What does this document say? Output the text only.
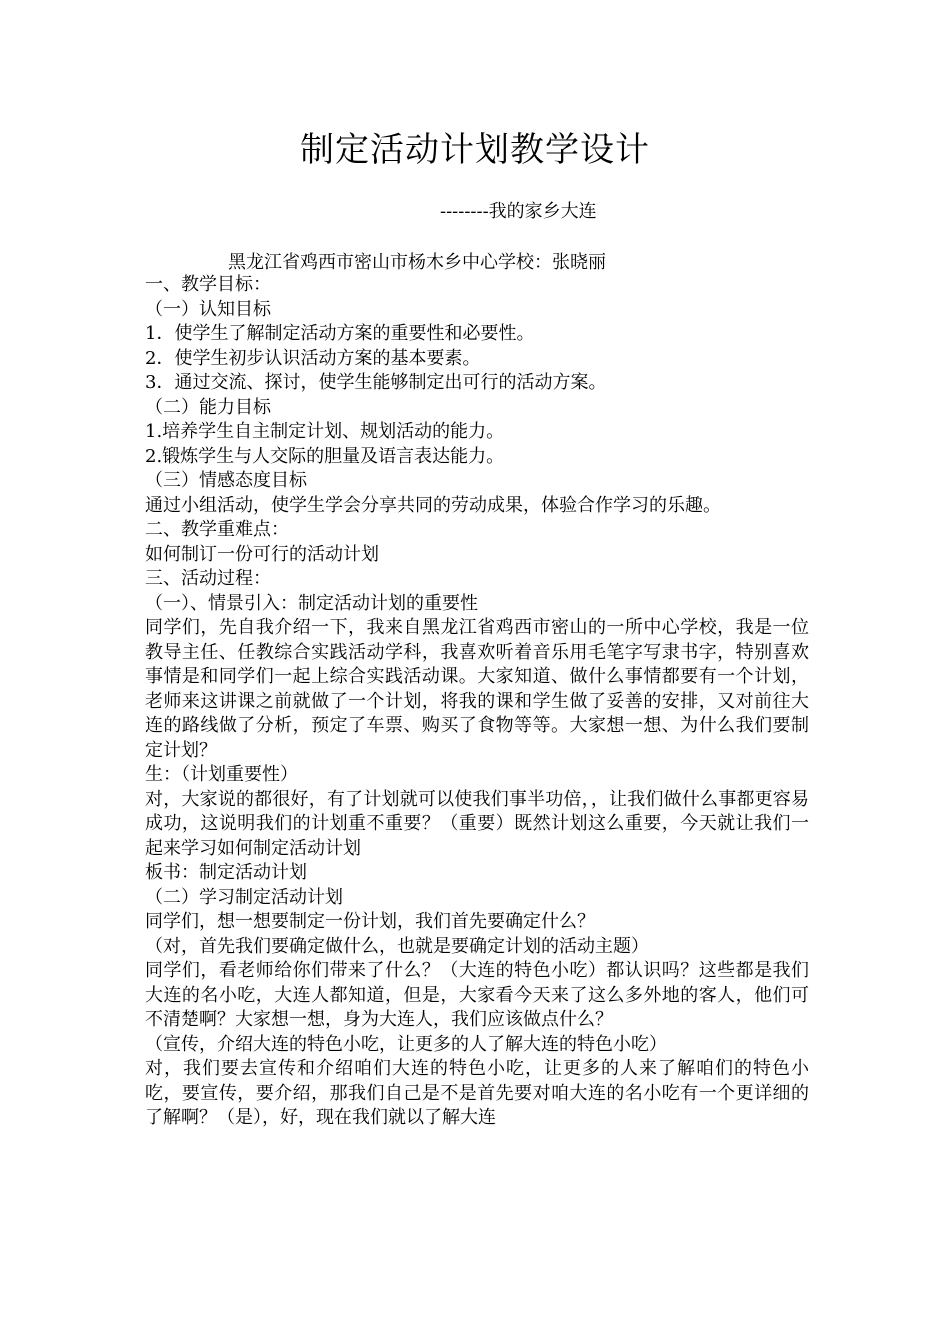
制定活动计划教学设计
--------我的家乡大连
黑龙江省鸡西市密山市杨木乡中心学校：张晓丽
一、教学目标：
（一）认知目标
1．使学生了解制定活动方案的重要性和必要性。
2．使学生初步认识活动方案的基本要素。
3．通过交流、探讨，使学生能够制定出可行的活动方案。
（二）能力目标
1.培养学生自主制定计划、规划活动的能力。
2.锻炼学生与人交际的胆量及语言表达能力。
（三）情感态度目标
通过小组活动，使学生学会分享共同的劳动成果，体验合作学习的乐趣。
二、教学重难点：
如何制订一份可行的活动计划
三、活动过程：
（一）、情景引入：制定活动计划的重要性
同学们，先自我介绍一下，我来自黑龙江省鸡西市密山的一所中心学校，我是一位教导主任、任教综合实践活动学科，我喜欢听着音乐用毛笔字写隶书字，特别喜欢事情是和同学们一起上综合实践活动课。大家知道、做什么事情都要有一个计划，老师来这讲课之前就做了一个计划，将我的课和学生做了妥善的安排，又对前往大连的路线做了分析，预定了车票、购买了食物等等。大家想一想、为什么我们要制定计划？
生：（计划重要性）
对，大家说的都很好，有了计划就可以使我们事半功倍，，让我们做什么事都更容易成功，这说明我们的计划重不重要？（重要）既然计划这么重要，今天就让我们一起来学习如何制定活动计划
板书：制定活动计划
（二）学习制定活动计划
同学们，想一想要制定一份计划，我们首先要确定什么？
（对，首先我们要确定做什么，也就是要确定计划的活动主题）
同学们，看老师给你们带来了什么？（大连的特色小吃）都认识吗？这些都是我们大连的名小吃，大连人都知道，但是，大家看今天来了这么多外地的客人，他们可不清楚啊？大家想一想，身为大连人，我们应该做点什么？
（宣传，介绍大连的特色小吃，让更多的人了解大连的特色小吃）
对，我们要去宣传和介绍咱们大连的特色小吃，让更多的人来了解咱们的特色小吃，要宣传，要介绍，那我们自己是不是首先要对咱大连的名小吃有一个更详细的了解啊？（是），好，现在我们就以了解大连
